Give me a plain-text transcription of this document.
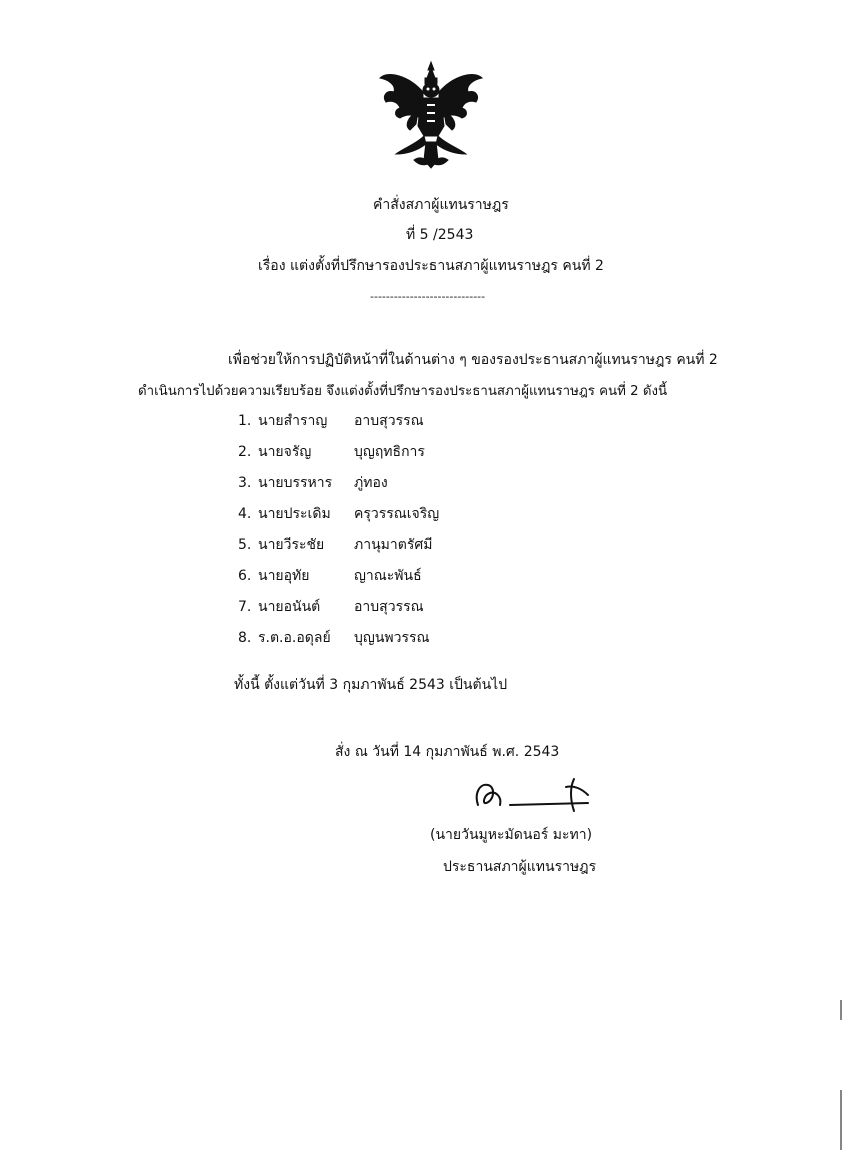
คำสั่งสภาผู้แทนราษฎร
ที่ 5 /2543
เรื่อง แต่งตั้งที่ปรึกษารองประธานสภาผู้แทนราษฎร คนที่ 2
-----------------------------
เพื่อช่วยให้การปฏิบัติหน้าที่ในด้านต่าง ๆ ของรองประธานสภาผู้แทนราษฎร คนที่ 2
ดำเนินการไปด้วยความเรียบร้อย จึงแต่งตั้งที่ปรึกษารองประธานสภาผู้แทนราษฎร คนที่ 2 ดังนี้
1. นายสำราญ อาบสุวรรณ
2. นายจรัญ	บุญฤทธิการ
3. นายบรรหาร ภู่ทอง
4. นายประเดิม ครุวรรณเจริญ
5. นายวีระชัย ภานุมาตรัศมี
6. นายอุทัย	ญาณะพันธ์
7. นายอนันต์ อาบสุวรรณ
8. ร.ต.อ.อดุลย์ บุญนพวรรณ
ทั้งนี้ ตั้งแต่วันที่ 3 กุมภาพันธ์ 2543 เป็นต้นไป
สั่ง ณ วันที่ 14 กุมภาพันธ์ พ.ศ. 2543
(นายวันมูหะมัดนอร์ มะทา)
ประธานสภาผู้แทนราษฎร
